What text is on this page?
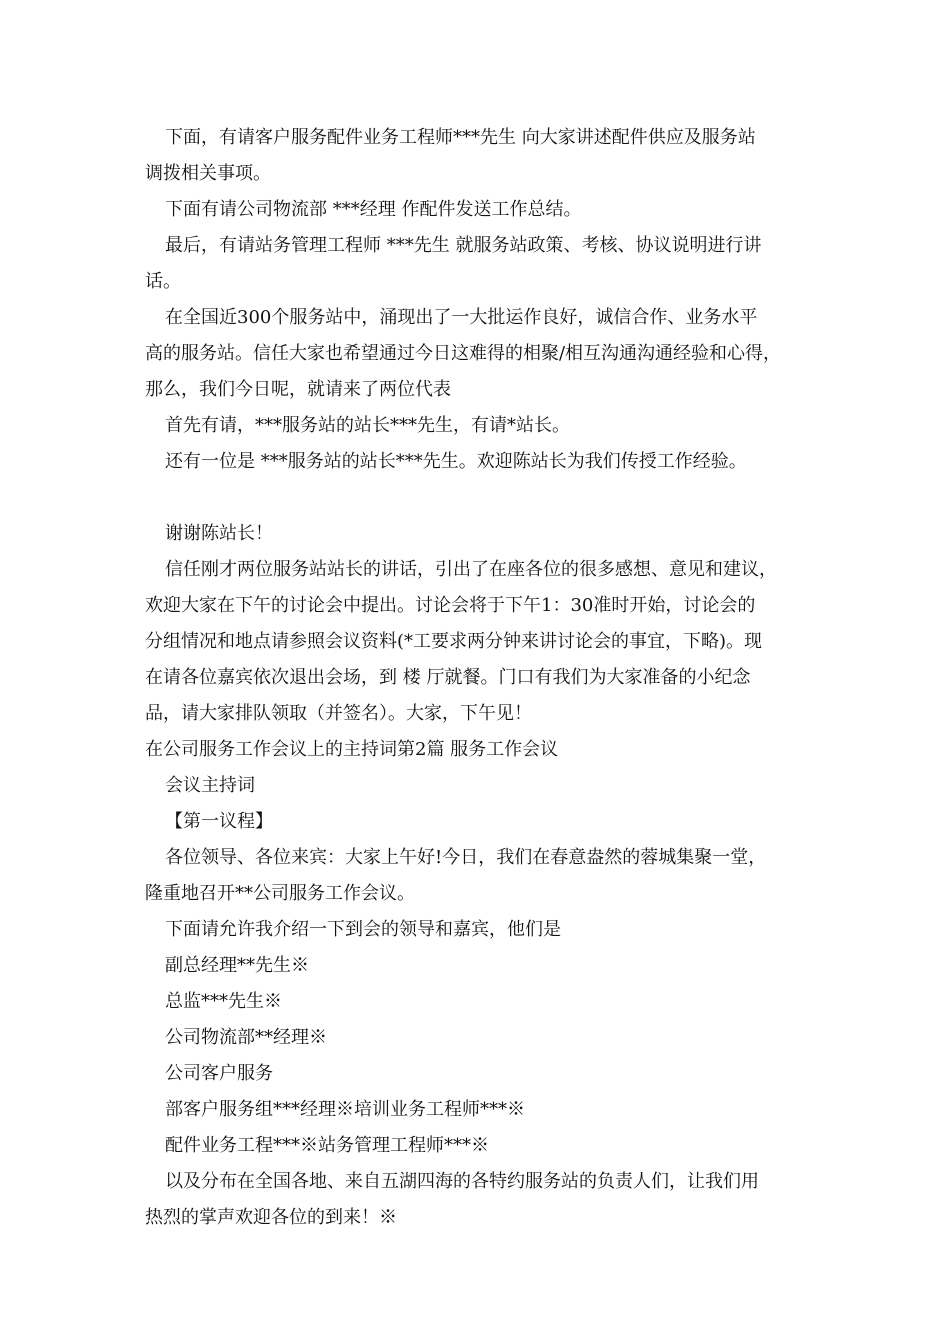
下面，有请客户服务配件业务工程师***先生 向大家讲述配件供应及服务站
调拨相关事项。
下面有请公司物流部 ***经理 作配件发送工作总结。
最后，有请站务管理工程师 ***先生 就服务站政策、考核、协议说明进行讲
话。
在全国近300个服务站中，涌现出了一大批运作良好，诚信合作、业务水平
高的服务站。信任大家也希望通过今日这难得的相聚/相互沟通沟通经验和心得，
那么，我们今日呢，就请来了两位代表
首先有请，***服务站的站长***先生，有请*站长。
还有一位是 ***服务站的站长***先生。欢迎陈站长为我们传授工作经验。
谢谢陈站长！
信任刚才两位服务站站长的讲话，引出了在座各位的很多感想、意见和建议，
欢迎大家在下午的讨论会中提出。讨论会将于下午1：30准时开始，讨论会的
分组情况和地点请参照会议资料(*工要求两分钟来讲讨论会的事宜，下略)。现
在请各位嘉宾依次退出会场，到 楼 厅就餐。门口有我们为大家准备的小纪念
品，请大家排队领取（并签名）。大家，下午见！
在公司服务工作会议上的主持词第2篇 服务工作会议
会议主持词
【第一议程】
各位领导、各位来宾：大家上午好!今日，我们在春意盎然的蓉城集聚一堂，
隆重地召开**公司服务工作会议。
下面请允许我介绍一下到会的领导和嘉宾，他们是
副总经理**先生※
总监***先生※
公司物流部**经理※
公司客户服务
部客户服务组***经理※培训业务工程师***※
配件业务工程***※站务管理工程师***※
以及分布在全国各地、来自五湖四海的各特约服务站的负责人们，让我们用
热烈的掌声欢迎各位的到来！※
